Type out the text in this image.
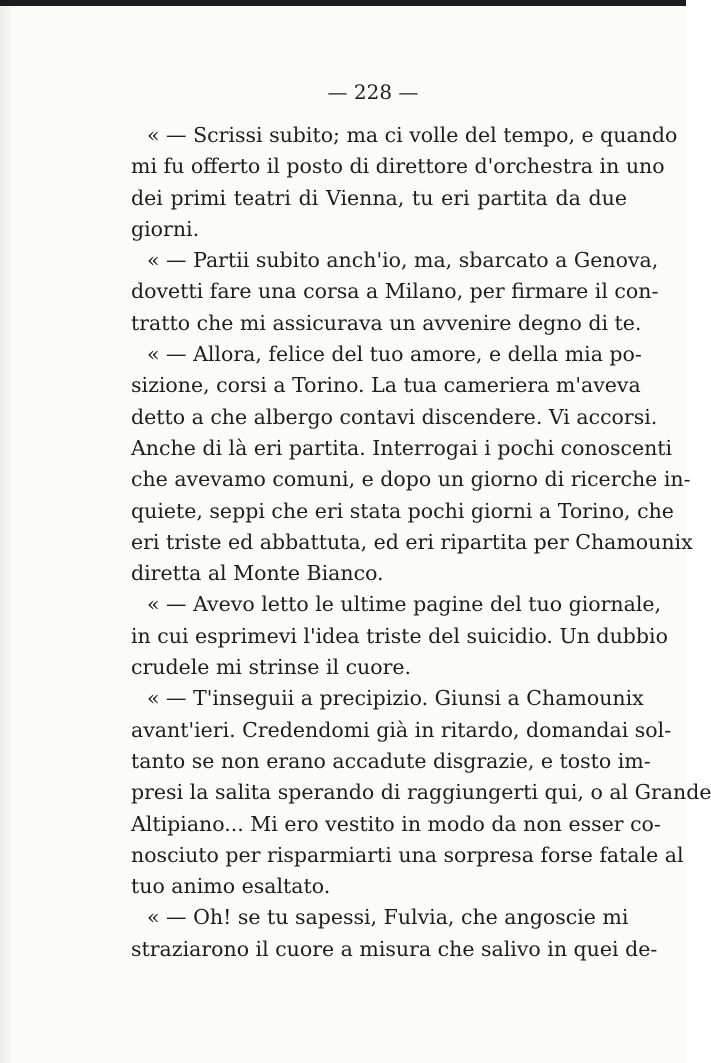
— 228 —

« — Scrissi subito; ma ci volle del tempo, e quando
mi fu offerto il posto di direttore d'orchestra in uno
dei primi teatri di Vienna, tu eri partita da due
giorni.
« — Partii subito anch'io, ma, sbarcato a Genova,
dovetti fare una corsa a Milano, per firmare il con-
tratto che mi assicurava un avvenire degno di te.
« — Allora, felice del tuo amore, e della mia po-
sizione, corsi a Torino. La tua cameriera m'aveva
detto a che albergo contavi discendere. Vi accorsi.
Anche di là eri partita. Interrogai i pochi conoscenti
che avevamo comuni, e dopo un giorno di ricerche in-
quiete, seppi che eri stata pochi giorni a Torino, che
eri triste ed abbattuta, ed eri ripartita per Chamounix
diretta al Monte Bianco.
« — Avevo letto le ultime pagine del tuo giornale,
in cui esprimevi l'idea triste del suicidio. Un dubbio
crudele mi strinse il cuore.
« — T'inseguii a precipizio. Giunsi a Chamounix
avant'ieri. Credendomi già in ritardo, domandai sol-
tanto se non erano accadute disgrazie, e tosto im-
presi la salita sperando di raggiungerti qui, o al Grande
Altipiano... Mi ero vestito in modo da non esser co-
nosciuto per risparmiarti una sorpresa forse fatale al
tuo animo esaltato.
« — Oh! se tu sapessi, Fulvia, che angoscie mi
straziarono il cuore a misura che salivo in quei de-
